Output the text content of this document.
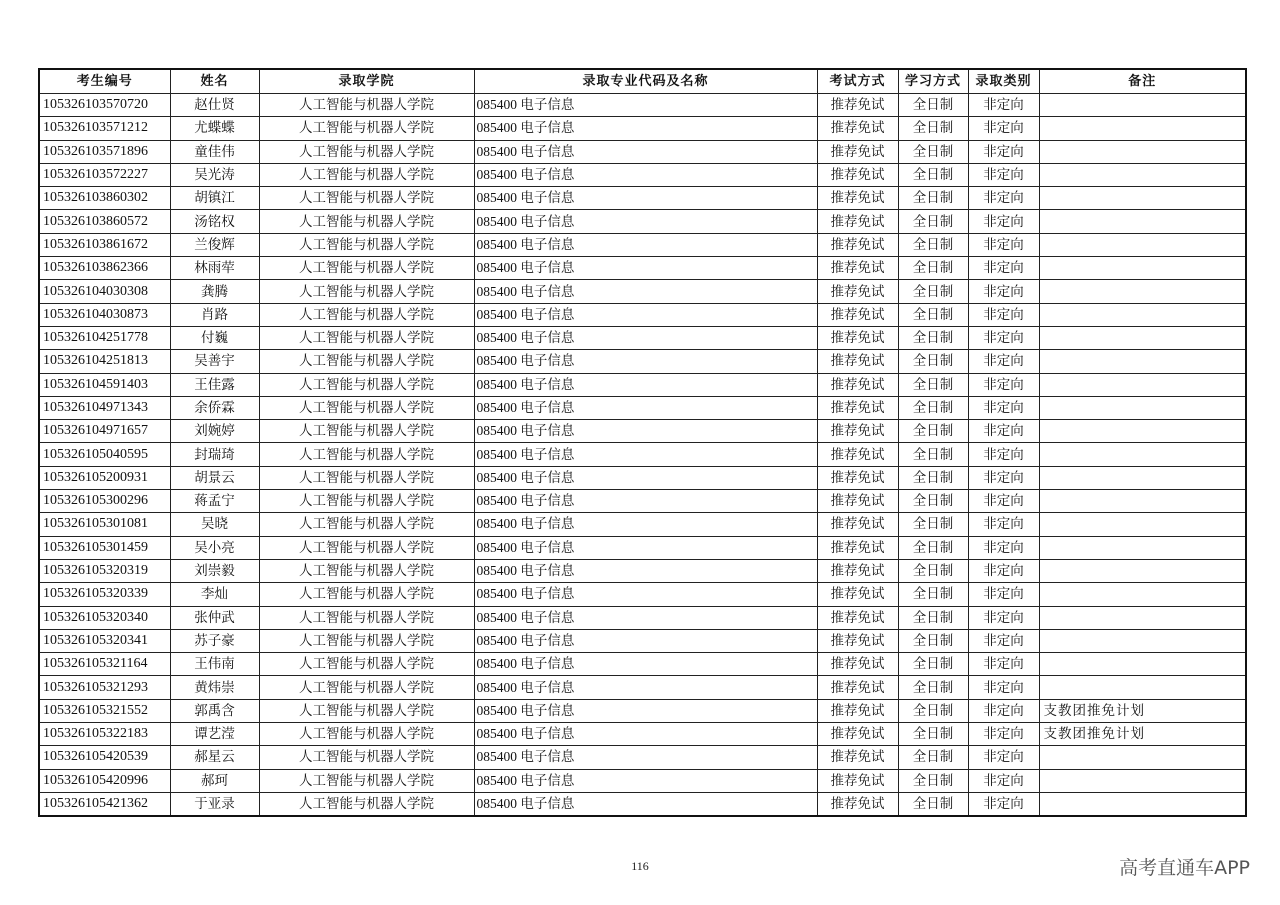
考生编号	姓名	录取学院	录取专业代码及名称	考试方式	学习方式	录取类别	备注
105326103570720	赵仕贤	人工智能与机器人学院	085400 电子信息	推荐免试	全日制	非定向	
105326103571212	尤蝶蝶	人工智能与机器人学院	085400 电子信息	推荐免试	全日制	非定向	
105326103571896	童佳伟	人工智能与机器人学院	085400 电子信息	推荐免试	全日制	非定向	
105326103572227	吴光涛	人工智能与机器人学院	085400 电子信息	推荐免试	全日制	非定向	
105326103860302	胡镇江	人工智能与机器人学院	085400 电子信息	推荐免试	全日制	非定向	
105326103860572	汤铭权	人工智能与机器人学院	085400 电子信息	推荐免试	全日制	非定向	
105326103861672	兰俊辉	人工智能与机器人学院	085400 电子信息	推荐免试	全日制	非定向	
105326103862366	林雨荦	人工智能与机器人学院	085400 电子信息	推荐免试	全日制	非定向	
105326104030308	龚腾	人工智能与机器人学院	085400 电子信息	推荐免试	全日制	非定向	
105326104030873	肖路	人工智能与机器人学院	085400 电子信息	推荐免试	全日制	非定向	
105326104251778	付巍	人工智能与机器人学院	085400 电子信息	推荐免试	全日制	非定向	
105326104251813	吴善宇	人工智能与机器人学院	085400 电子信息	推荐免试	全日制	非定向	
105326104591403	王佳露	人工智能与机器人学院	085400 电子信息	推荐免试	全日制	非定向	
105326104971343	余侨霖	人工智能与机器人学院	085400 电子信息	推荐免试	全日制	非定向	
105326104971657	刘婉婷	人工智能与机器人学院	085400 电子信息	推荐免试	全日制	非定向	
105326105040595	封瑞琦	人工智能与机器人学院	085400 电子信息	推荐免试	全日制	非定向	
105326105200931	胡景云	人工智能与机器人学院	085400 电子信息	推荐免试	全日制	非定向	
105326105300296	蒋孟宁	人工智能与机器人学院	085400 电子信息	推荐免试	全日制	非定向	
105326105301081	吴晓	人工智能与机器人学院	085400 电子信息	推荐免试	全日制	非定向	
105326105301459	吴小亮	人工智能与机器人学院	085400 电子信息	推荐免试	全日制	非定向	
105326105320319	刘崇毅	人工智能与机器人学院	085400 电子信息	推荐免试	全日制	非定向	
105326105320339	李灿	人工智能与机器人学院	085400 电子信息	推荐免试	全日制	非定向	
105326105320340	张仲武	人工智能与机器人学院	085400 电子信息	推荐免试	全日制	非定向	
105326105320341	苏子豪	人工智能与机器人学院	085400 电子信息	推荐免试	全日制	非定向	
105326105321164	王伟南	人工智能与机器人学院	085400 电子信息	推荐免试	全日制	非定向	
105326105321293	黄炜崇	人工智能与机器人学院	085400 电子信息	推荐免试	全日制	非定向	
105326105321552	郭禹含	人工智能与机器人学院	085400 电子信息	推荐免试	全日制	非定向	支教团推免计划
105326105322183	谭艺滢	人工智能与机器人学院	085400 电子信息	推荐免试	全日制	非定向	支教团推免计划
105326105420539	郝星云	人工智能与机器人学院	085400 电子信息	推荐免试	全日制	非定向	
105326105420996	郝珂	人工智能与机器人学院	085400 电子信息	推荐免试	全日制	非定向	
105326105421362	于亚录	人工智能与机器人学院	085400 电子信息	推荐免试	全日制	非定向	
116	高考直通车APP
